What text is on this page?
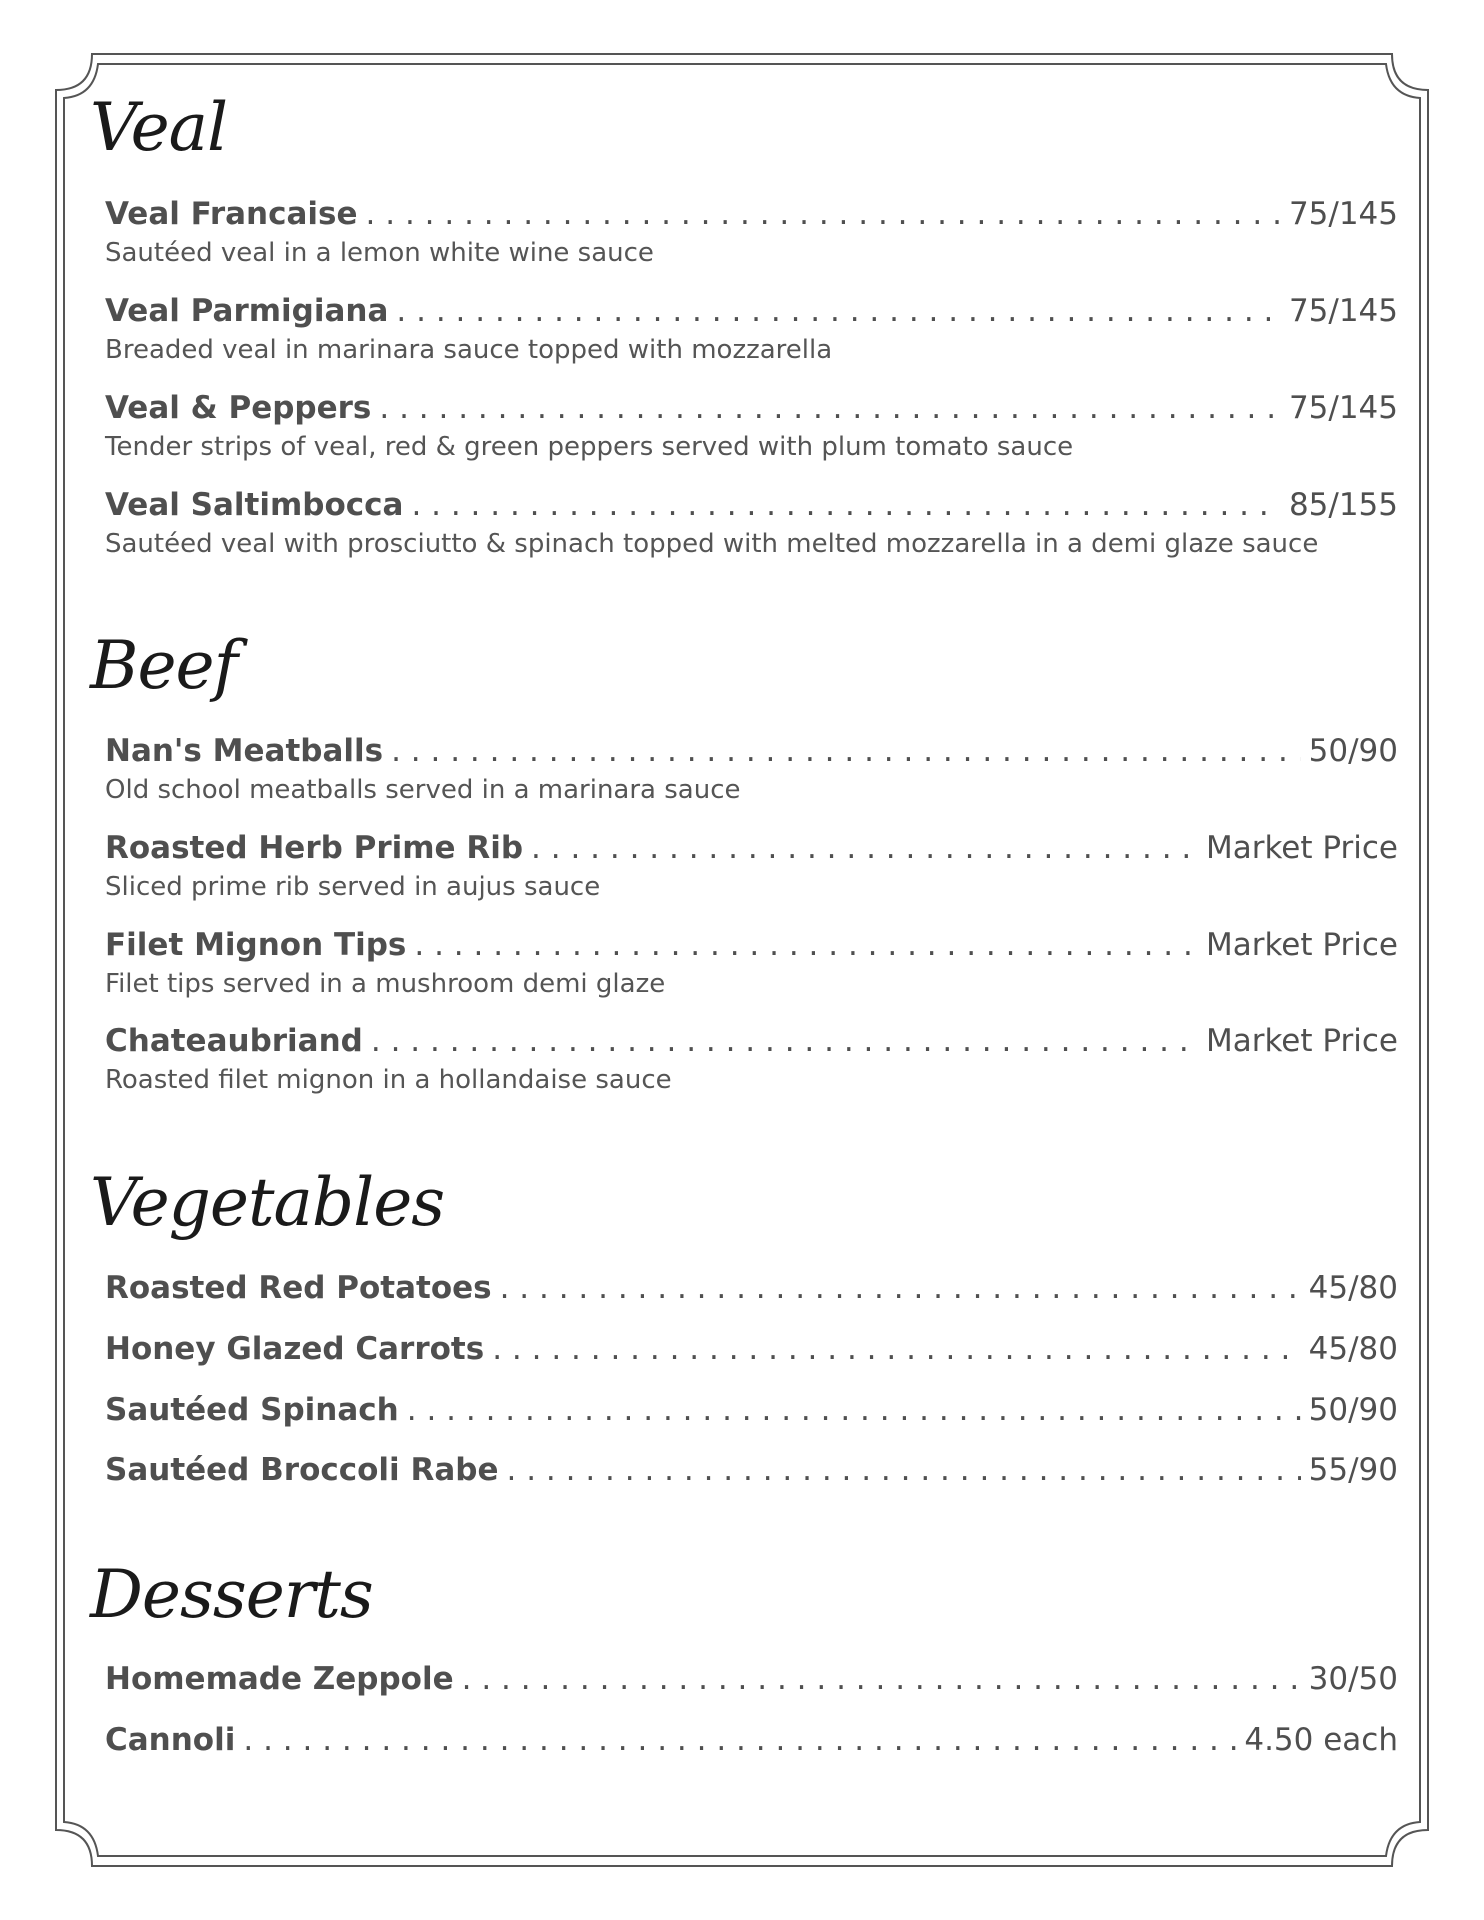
Veal
Veal Francaise . . .	75/145
Sautéed veal in a lemon white wine sauce
Veal Parmigiana . . .	75/145
Breaded veal in marinara sauce topped with mozzarella
Veal & Peppers . . .	75/145
Tender strips of veal, red & green peppers served with plum tomato sauce
Veal Saltimbocca . . .	85/155
Sautéed veal with prosciutto & spinach topped with melted mozzarella in a demi glaze sauce
Beef
Nan's Meatballs . . .	50/90
Old school meatballs served in a marinara sauce
Roasted Herb Prime Rib . . .	Market Price
Sliced prime rib served in aujus sauce
Filet Mignon Tips . . .	Market Price
Filet tips served in a mushroom demi glaze
Chateaubriand . . .	Market Price
Roasted filet mignon in a hollandaise sauce
Vegetables
Roasted Red Potatoes . . .	45/80
Honey Glazed Carrots . . .	45/80
Sautéed Spinach . . .	50/90
Sautéed Broccoli Rabe . . .	55/90
Desserts
Homemade Zeppole . . .	30/50
Cannoli . . .	4.50 each
